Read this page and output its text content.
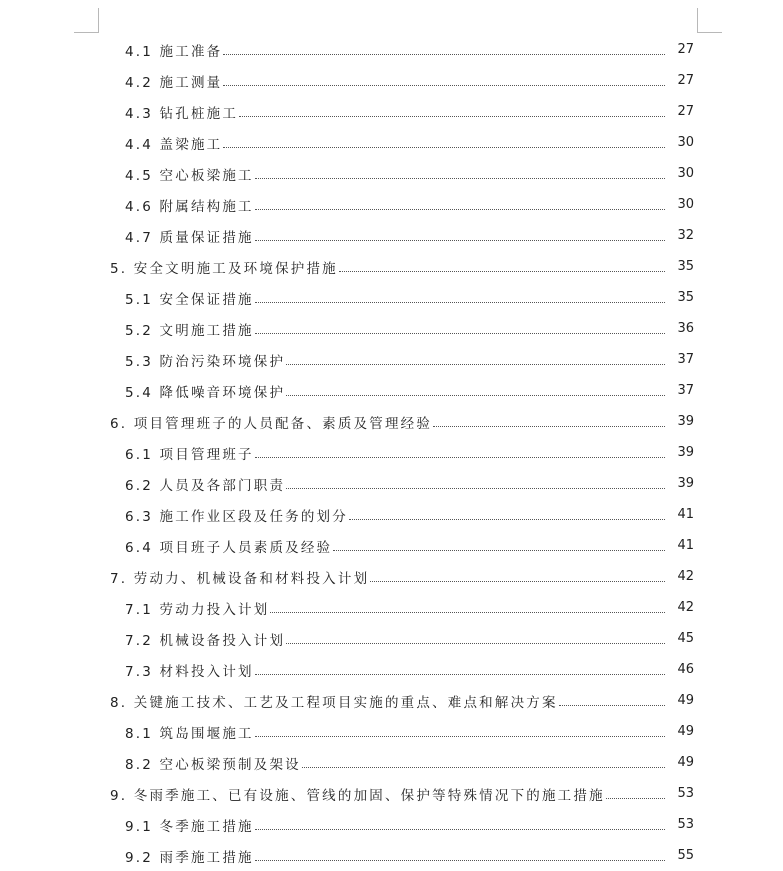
4.1 施工准备	27
4.2 施工测量	27
4.3 钻孔桩施工	27
4.4 盖梁施工	30
4.5 空心板梁施工	30
4.6 附属结构施工	30
4.7 质量保证措施	32
5. 安全文明施工及环境保护措施	35
5.1 安全保证措施	35
5.2 文明施工措施	36
5.3 防治污染环境保护	37
5.4 降低噪音环境保护	37
6. 项目管理班子的人员配备、素质及管理经验	39
6.1 项目管理班子	39
6.2 人员及各部门职责	39
6.3 施工作业区段及任务的划分	41
6.4 项目班子人员素质及经验	41
7. 劳动力、机械设备和材料投入计划	42
7.1 劳动力投入计划	42
7.2 机械设备投入计划	45
7.3 材料投入计划	46
8. 关键施工技术、工艺及工程项目实施的重点、难点和解决方案	49
8.1 筑岛围堰施工	49
8.2 空心板梁预制及架设	49
9. 冬雨季施工、已有设施、管线的加固、保护等特殊情况下的施工措施	53
9.1 冬季施工措施	53
9.2 雨季施工措施	55
